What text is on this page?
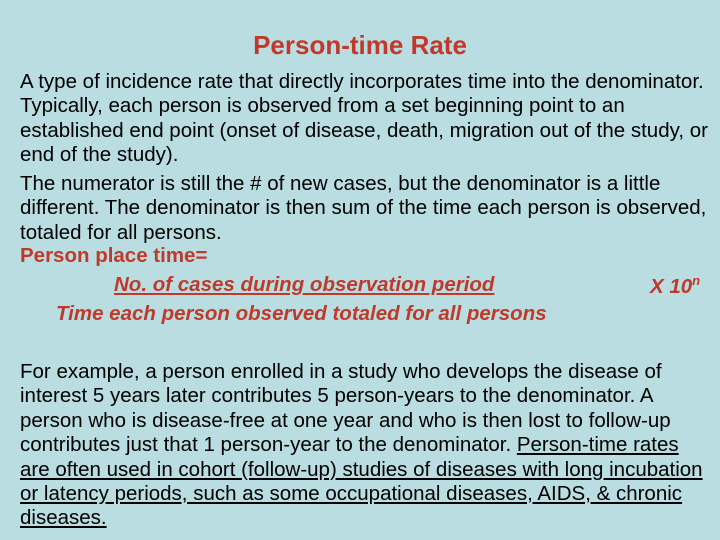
Person-time Rate

A type of incidence rate that directly incorporates time into the denominator. Typically, each person is observed from a set beginning point to an established end point (onset of disease, death, migration out of the study, or end of the study).

The numerator is still the # of new cases, but the denominator is a little different. The denominator is then sum of the time each person is observed, totaled for all persons.

Person place time=
No. of cases during observation period	X 10$^n$
Time each person observed totaled for all persons

For example, a person enrolled in a study who develops the disease of interest 5 years later contributes 5 person-years to the denominator. A person who is disease-free at one year and who is then lost to follow-up contributes just that 1 person-year to the denominator. Person-time rates are often used in cohort (follow-up) studies of diseases with long incubation or latency periods, such as some occupational diseases, AIDS, & chronic diseases.
